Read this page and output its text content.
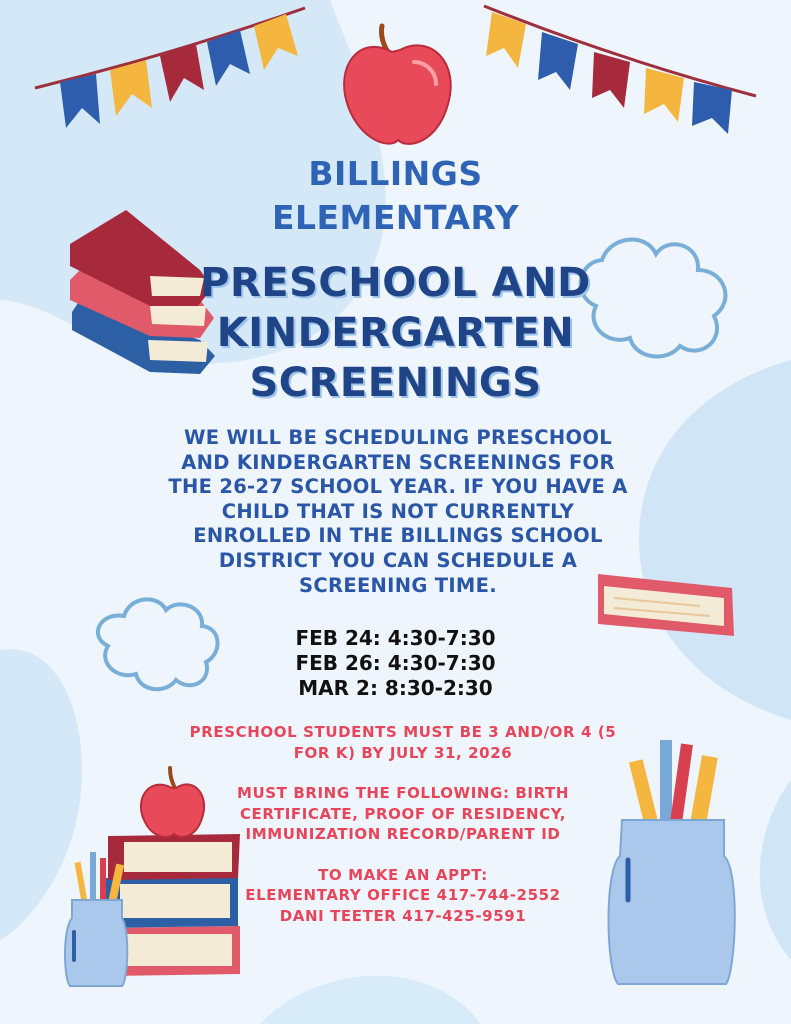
BILLINGS
ELEMENTARY
PRESCHOOL AND
KINDERGARTEN
SCREENINGS

WE WILL BE SCHEDULING PRESCHOOL AND KINDERGARTEN SCREENINGS FOR THE 26-27 SCHOOL YEAR. IF YOU HAVE A CHILD THAT IS NOT CURRENTLY ENROLLED IN THE BILLINGS SCHOOL DISTRICT YOU CAN SCHEDULE A SCREENING TIME.

FEB 24: 4:30-7:30
FEB 26: 4:30-7:30
MAR 2: 8:30-2:30

PRESCHOOL STUDENTS MUST BE 3 AND/OR 4 (5 FOR K) BY JULY 31, 2026

MUST BRING THE FOLLOWING: BIRTH CERTIFICATE, PROOF OF RESIDENCY, IMMUNIZATION RECORD/PARENT ID

TO MAKE AN APPT:
ELEMENTARY OFFICE 417-744-2552
DANI TEETER 417-425-9591
